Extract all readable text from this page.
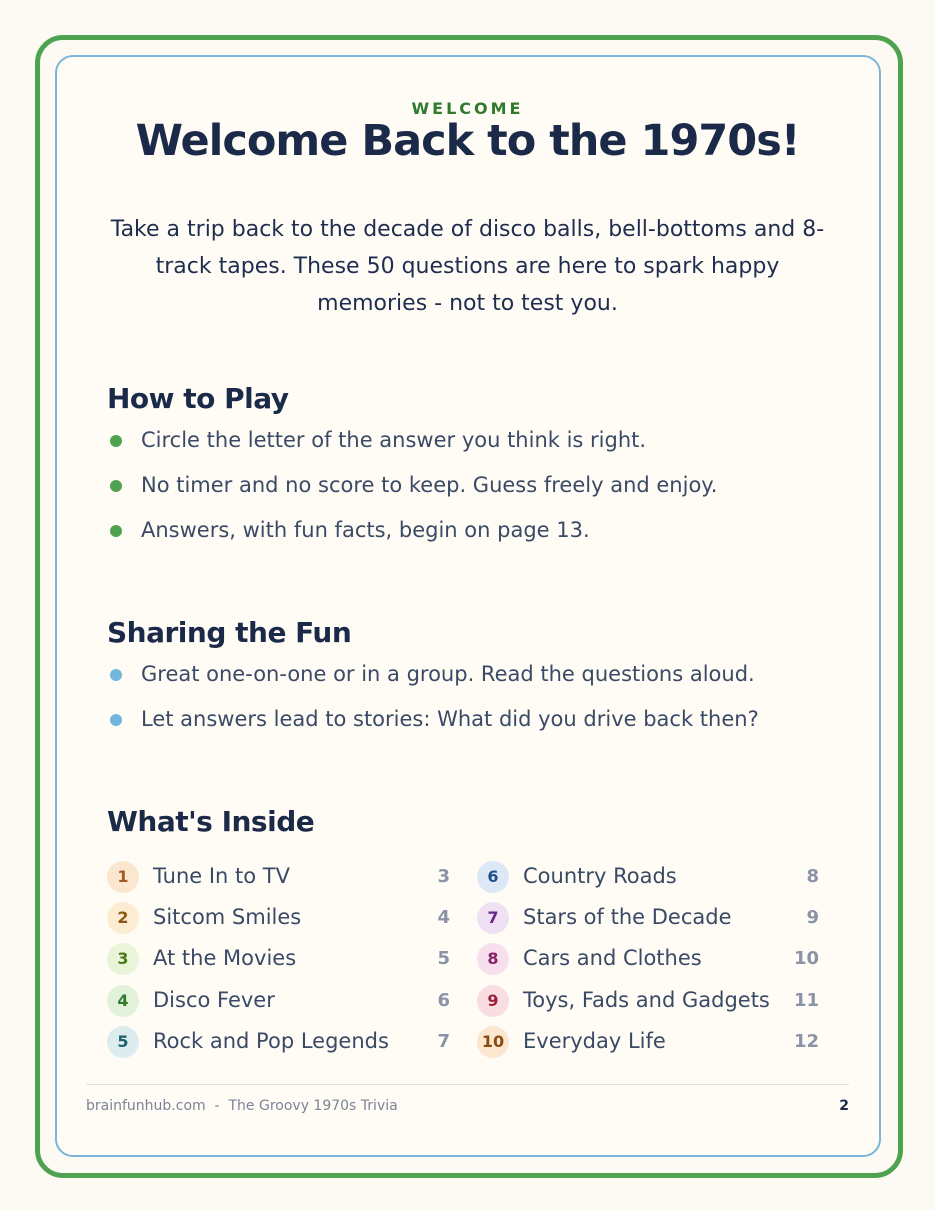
WELCOME
Welcome Back to the 1970s!
Take a trip back to the decade of disco balls, bell-bottoms and 8-track tapes. These 50 questions are here to spark happy memories - not to test you.
How to Play
Circle the letter of the answer you think is right.
No timer and no score to keep. Guess freely and enjoy.
Answers, with fun facts, begin on page 13.
Sharing the Fun
Great one-on-one or in a group. Read the questions aloud.
Let answers lead to stories: What did you drive back then?
What's Inside
1	Tune In to TV	3
2	Sitcom Smiles	4
3	At the Movies	5
4	Disco Fever	6
5	Rock and Pop Legends	7
6	Country Roads	8
7	Stars of the Decade	9
8	Cars and Clothes	10
9	Toys, Fads and Gadgets 11
10 Everyday Life	12
brainfunhub.com  -  The Groovy 1970s Trivia	2
